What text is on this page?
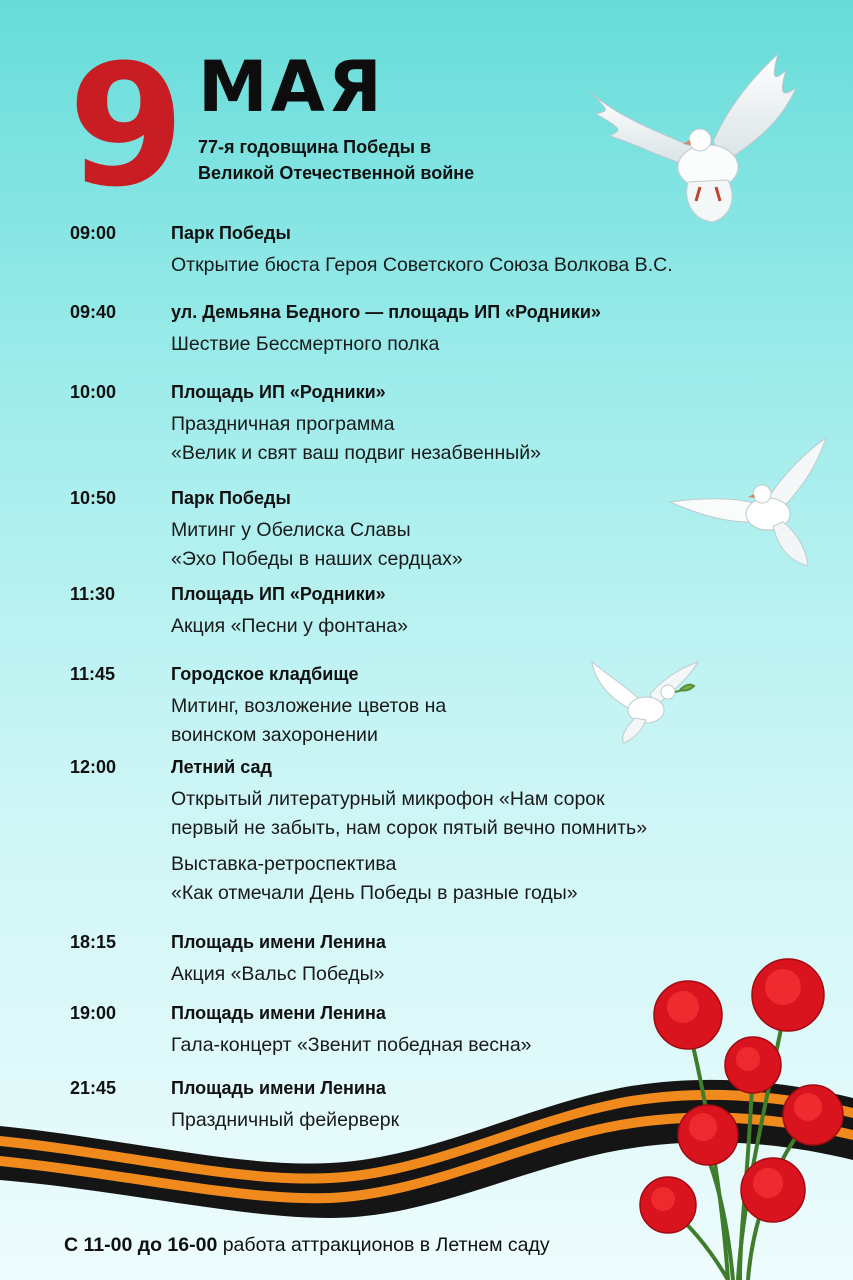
9 МАЯ
77-я годовщина Победы в
Великой Отечественной войне
09:00	Парк Победы
Открытие бюста Героя Советского Союза Волкова В.С.
09:40	ул. Демьяна Бедного — площадь ИП «Родники»
Шествие Бессмертного полка
10:00	Площадь ИП «Родники»
Праздничная программа
«Велик и свят ваш подвиг незабвенный»
10:50	Парк Победы
Митинг у Обелиска Славы
«Эхо Победы в наших сердцах»
11:30	Площадь ИП «Родники»
Акция «Песни у фонтана»
11:45	Городское кладбище
Митинг, возложение цветов на
воинском захоронении
12:00	Летний сад
Открытый литературный микрофон «Нам сорок
первый не забыть, нам сорок пятый вечно помнить»
Выставка-ретроспектива
«Как отмечали День Победы в разные годы»
18:15	Площадь имени Ленина
Акция «Вальс Победы»
19:00	Площадь имени Ленина
Гала-концерт «Звенит победная весна»
21:45	Площадь имени Ленина
Праздничный фейерверк
С 11-00 до 16-00 работа аттракционов в Летнем саду
